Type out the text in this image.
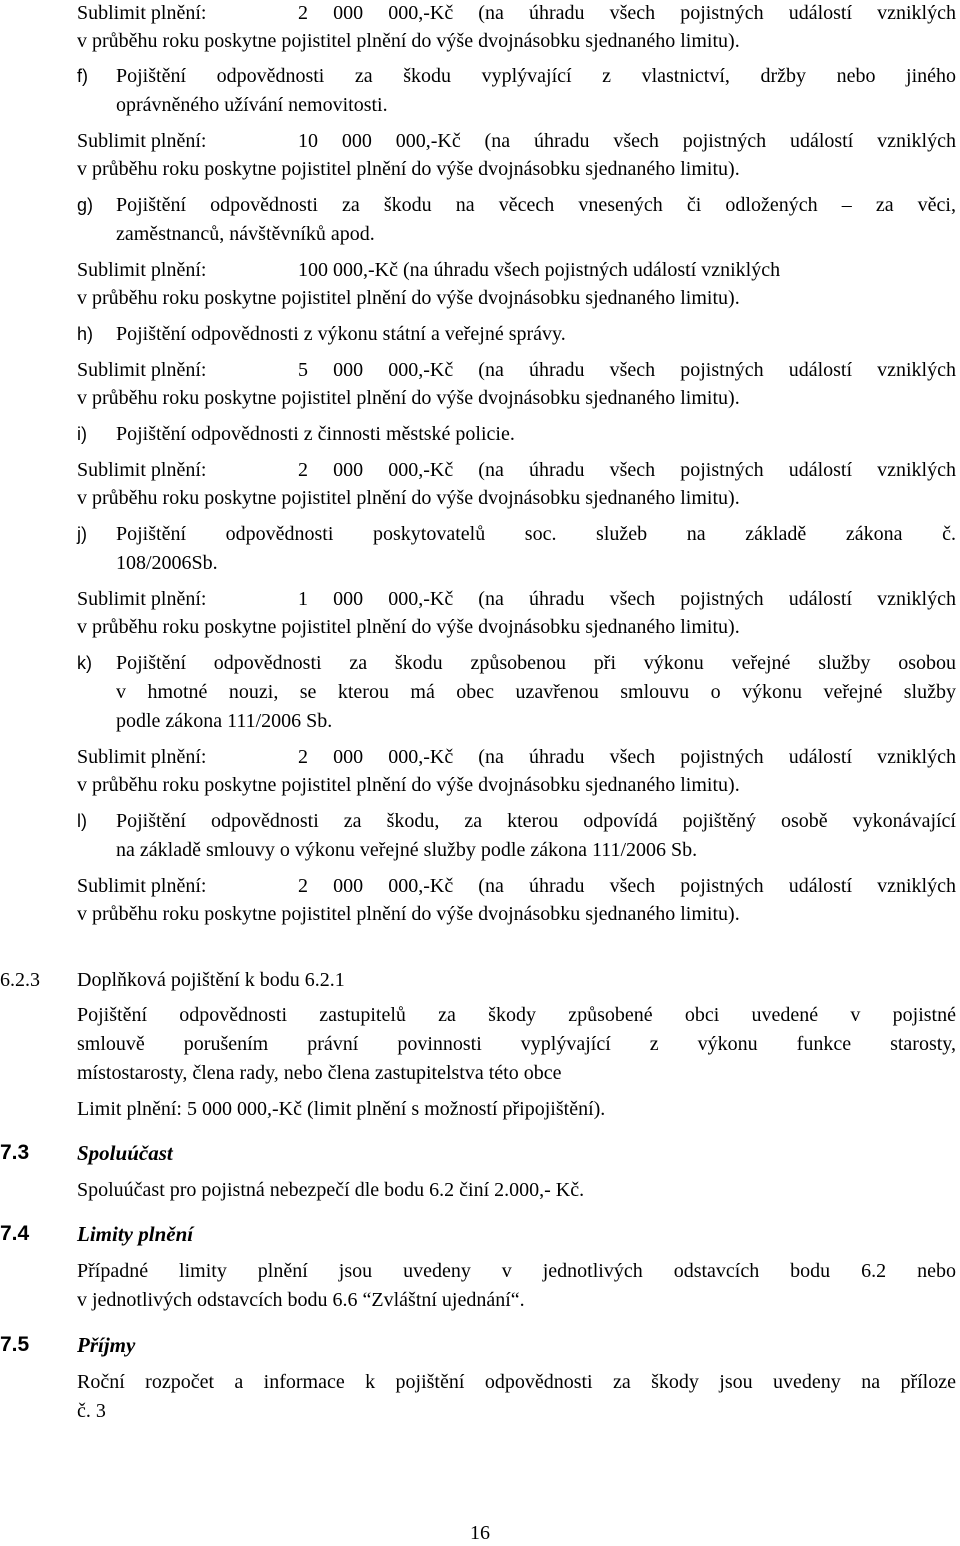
Sublimit plnění:	2 000 000,-Kč (na úhradu všech pojistných událostí vzniklých
v průběhu roku poskytne pojistitel plnění do výše dvojnásobku sjednaného limitu).
f) Pojištění odpovědnosti za škodu vyplývající z vlastnictví, držby nebo jiného
oprávněného užívání nemovitosti.
Sublimit plnění:	10 000 000,-Kč (na úhradu všech pojistných událostí vzniklých
v průběhu roku poskytne pojistitel plnění do výše dvojnásobku sjednaného limitu).
g) Pojištění odpovědnosti za škodu na věcech vnesených či odložených – za věci,
zaměstnanců, návštěvníků apod.
Sublimit plnění:	100 000,-Kč (na úhradu všech pojistných událostí vzniklých
v průběhu roku poskytne pojistitel plnění do výše dvojnásobku sjednaného limitu).
h) Pojištění odpovědnosti z výkonu státní a veřejné správy.
Sublimit plnění:	5 000 000,-Kč (na úhradu všech pojistných událostí vzniklých
v průběhu roku poskytne pojistitel plnění do výše dvojnásobku sjednaného limitu).
i) Pojištění odpovědnosti z činnosti městské policie.
Sublimit plnění:	2 000 000,-Kč (na úhradu všech pojistných událostí vzniklých
v průběhu roku poskytne pojistitel plnění do výše dvojnásobku sjednaného limitu).
j) Pojištění odpovědnosti poskytovatelů soc. služeb na základě zákona č.
108/2006Sb.
Sublimit plnění:	1 000 000,-Kč (na úhradu všech pojistných událostí vzniklých
v průběhu roku poskytne pojistitel plnění do výše dvojnásobku sjednaného limitu).
k) Pojištění odpovědnosti za škodu způsobenou při výkonu veřejné služby osobou
v hmotné nouzi, se kterou má obec uzavřenou smlouvu o výkonu veřejné služby
podle zákona 111/2006 Sb.
Sublimit plnění:	2 000 000,-Kč (na úhradu všech pojistných událostí vzniklých
v průběhu roku poskytne pojistitel plnění do výše dvojnásobku sjednaného limitu).
l) Pojištění odpovědnosti za škodu, za kterou odpovídá pojištěný osobě vykonávající
na základě smlouvy o výkonu veřejné služby podle zákona 111/2006 Sb.
Sublimit plnění:	2 000 000,-Kč (na úhradu všech pojistných událostí vzniklých
v průběhu roku poskytne pojistitel plnění do výše dvojnásobku sjednaného limitu).
6.2.3 Doplňková pojištění k bodu 6.2.1
Pojištění odpovědnosti zastupitelů za škody způsobené obci uvedené v pojistné
smlouvě porušením právní povinnosti vyplývající z výkonu funkce starosty,
místostarosty, člena rady, nebo člena zastupitelstva této obce
Limit plnění: 5 000 000,-Kč (limit plnění s možností připojištění).
7.3 Spoluúčast
Spoluúčast pro pojistná nebezpečí dle bodu 6.2 činí 2.000,- Kč.
7.4 Limity plnění
Případné limity plnění jsou uvedeny v jednotlivých odstavcích bodu 6.2 nebo
v jednotlivých odstavcích bodu 6.6 “Zvláštní ujednání“.
7.5 Příjmy
Roční rozpočet a informace k pojištění odpovědnosti za škody jsou uvedeny na příloze
č. 3
16
